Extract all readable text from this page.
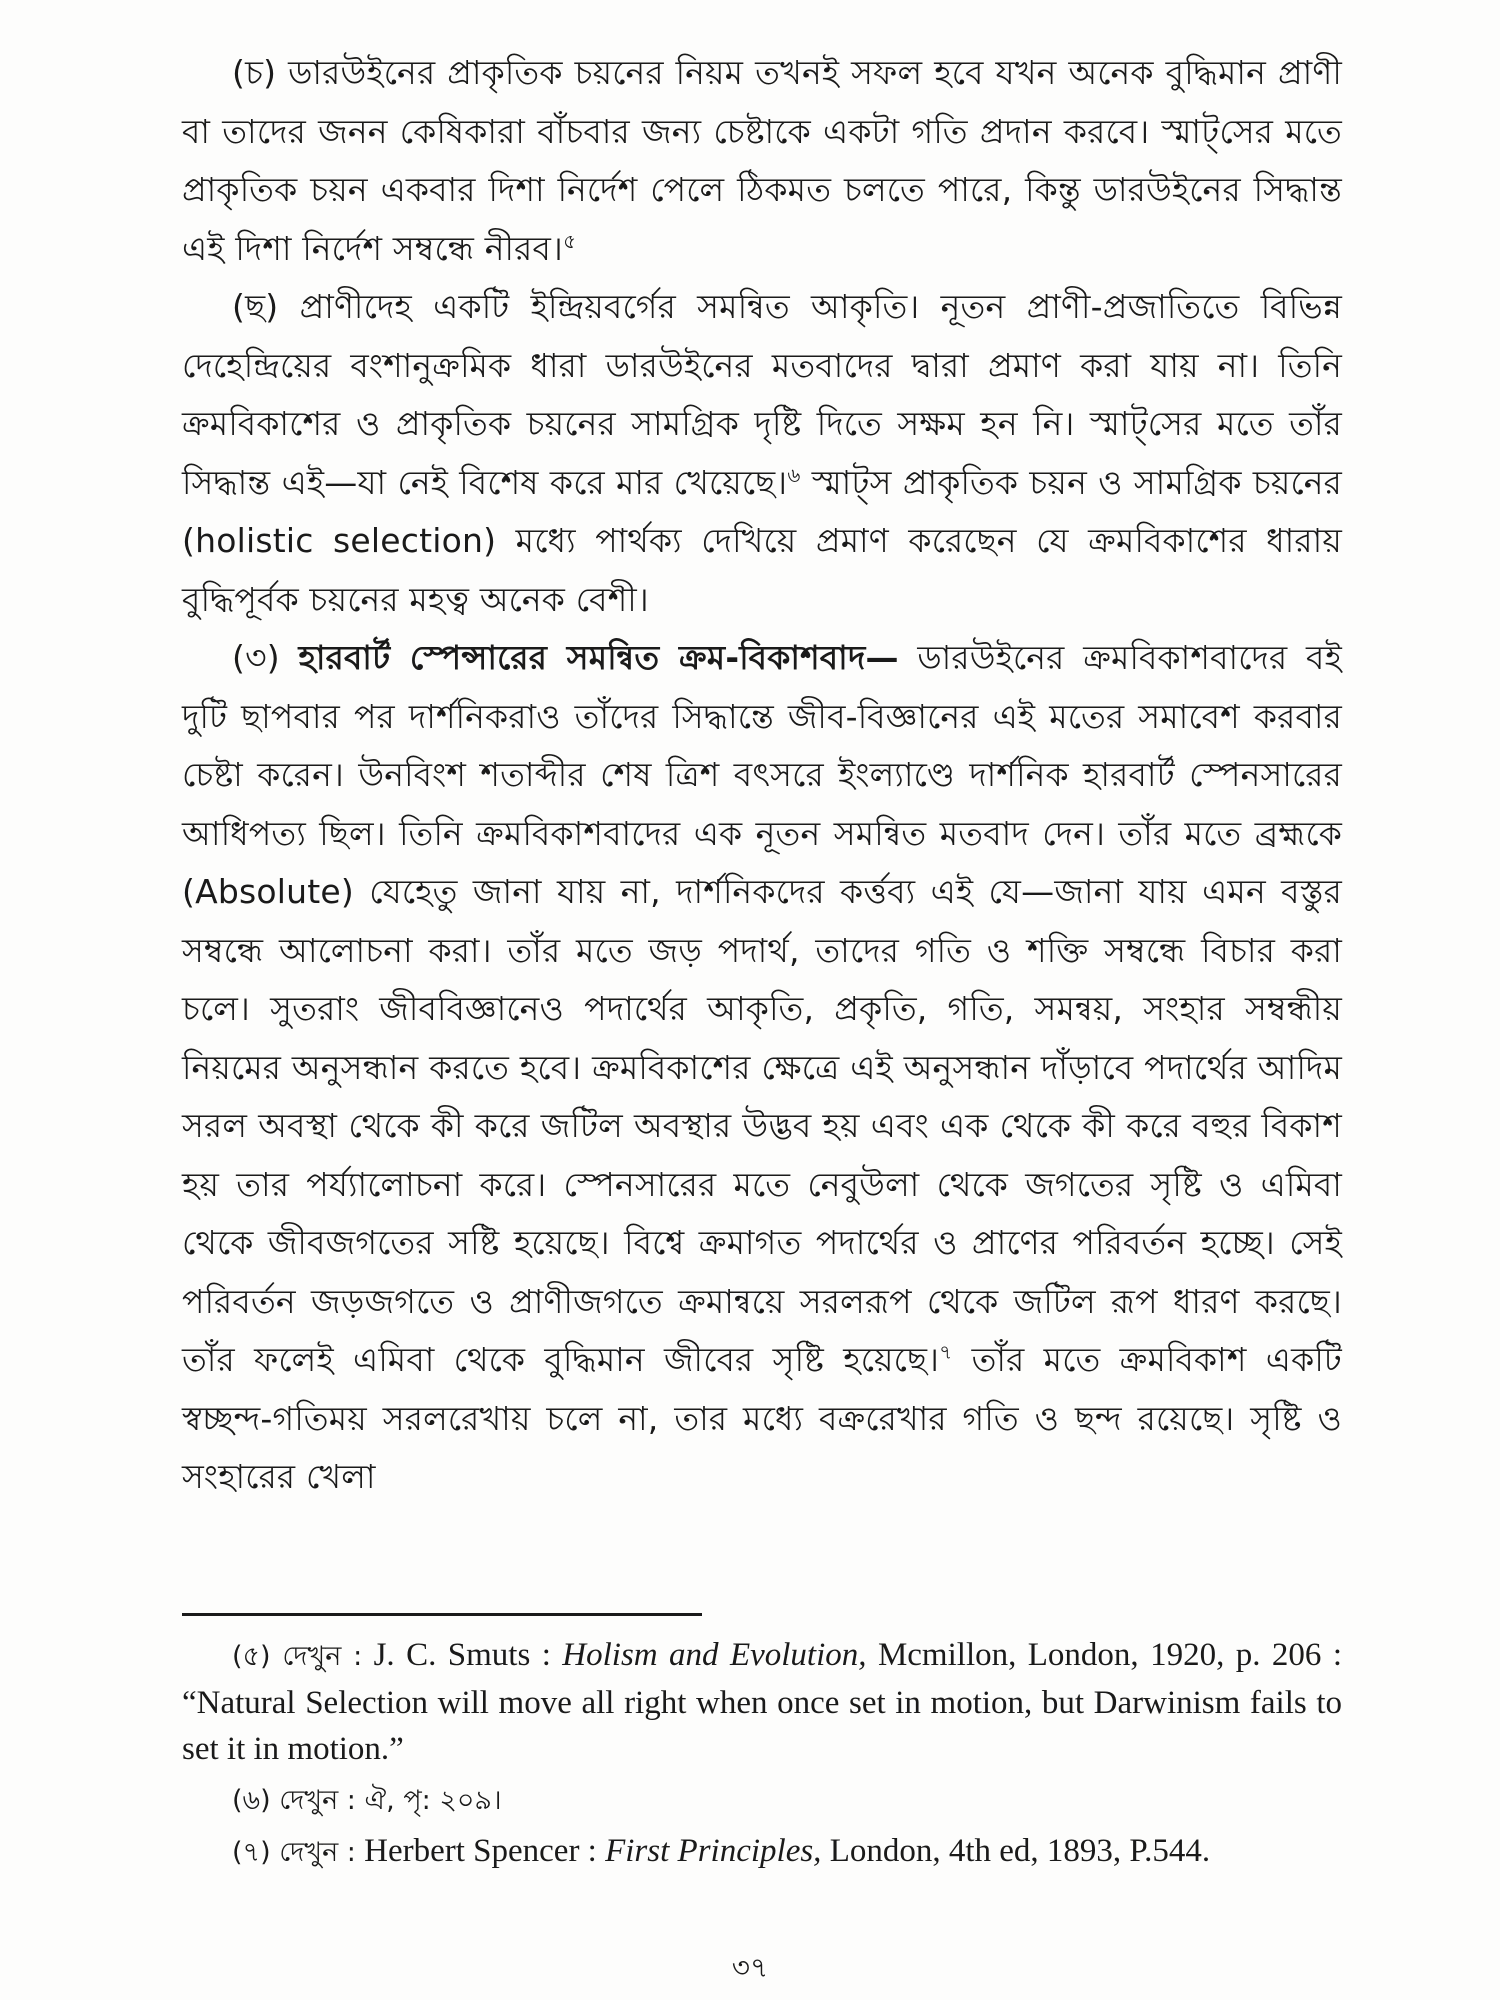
(চ) ডারউইনের প্রাকৃতিক চয়নের নিয়ম তখনই সফল হবে যখন অনেক বুদ্ধিমান প্রাণী বা তাদের জনন কেষিকারা বাঁচবার জন্য চেষ্টাকে একটা গতি প্রদান করবে। স্মাট্‌সের মতে প্রাকৃতিক চয়ন একবার দিশা নির্দেশ পেলে ঠিকমত চলতে পারে, কিন্তু ডারউইনের সিদ্ধান্ত এই দিশা নির্দেশ সম্বন্ধে নীরব।$^৫$

(ছ) প্রাণীদেহ একটি ইন্দ্রিয়বর্গের সমন্বিত আকৃতি। নূতন প্রাণী-প্রজাতিতে বিভিন্ন দেহেন্দ্রিয়ের বংশানুক্রমিক ধারা ডারউইনের মতবাদের দ্বারা প্রমাণ করা যায় না। তিনি ক্রমবিকাশের ও প্রাকৃতিক চয়নের সামগ্রিক দৃষ্টি দিতে সক্ষম হন নি। স্মাট্‌সের মতে তাঁর সিদ্ধান্ত এই—যা নেই বিশেষ করে মার খেয়েছে।$^৬$ স্মাট্‌স প্রাকৃতিক চয়ন ও সামগ্রিক চয়নের (holistic selection) মধ্যে পার্থক্য দেখিয়ে প্রমাণ করেছেন যে ক্রমবিকাশের ধারায় বুদ্ধিপূর্বক চয়নের মহত্ব অনেক বেশী।

(৩) হারবার্ট স্পেন্সারের সমন্বিত ক্রম-বিকাশবাদ— ডারউইনের ক্রমবিকাশবাদের বই দুটি ছাপবার পর দার্শনিকরাও তাঁদের সিদ্ধান্তে জীব-বিজ্ঞানের এই মতের সমাবেশ করবার চেষ্টা করেন। উনবিংশ শতাব্দীর শেষ ত্রিশ বৎসরে ইংল্যাণ্ডে দার্শনিক হারবার্ট স্পেনসারের আধিপত্য ছিল। তিনি ক্রমবিকাশবাদের এক নূতন সমন্বিত মতবাদ দেন। তাঁর মতে ব্রহ্মকে (Absolute) যেহেতু জানা যায় না, দার্শনিকদের কর্ত্তব্য এই যে—জানা যায় এমন বস্তুর সম্বন্ধে আলোচনা করা। তাঁর মতে জড় পদার্থ, তাদের গতি ও শক্তি সম্বন্ধে বিচার করা চলে। সুতরাং জীববিজ্ঞানেও পদার্থের আকৃতি, প্রকৃতি, গতি, সমন্বয়, সংহার সম্বন্ধীয় নিয়মের অনুসন্ধান করতে হবে। ক্রমবিকাশের ক্ষেত্রে এই অনুসন্ধান দাঁড়াবে পদার্থের আদিম সরল অবস্থা থেকে কী করে জটিল অবস্থার উদ্ভব হয় এবং এক থেকে কী করে বহুর বিকাশ হয় তার পর্য্যালোচনা করে। স্পেনসারের মতে নেবুউলা থেকে জগতের সৃষ্টি ও এমিবা থেকে জীবজগতের সষ্টি হয়েছে। বিশ্বে ক্রমাগত পদার্থের ও প্রাণের পরিবর্তন হচ্ছে। সেই পরিবর্তন জড়জগতে ও প্রাণীজগতে ক্রমান্বয়ে সরলরূপ থেকে জটিল রূপ ধারণ করছে। তাঁর ফলেই এমিবা থেকে বুদ্ধিমান জীবের সৃষ্টি হয়েছে।$^৭$ তাঁর মতে ক্রমবিকাশ একটি স্বচ্ছন্দ-গতিময় সরলরেখায় চলে না, তার মধ্যে বক্ররেখার গতি ও ছন্দ রয়েছে। সৃষ্টি ও সংহারের খেলা

(৫) দেখুন : J. C. Smuts : Holism and Evolution, Mcmillon, London, 1920, p. 206 : “Natural Selection will move all right when once set in motion, but Darwinism fails to set it in motion.”

(৬) দেখুন : ঐ, পৃ: ২০৯।

(৭) দেখুন : Herbert Spencer : First Principles, London, 4th ed, 1893, P.544.

৩৭
